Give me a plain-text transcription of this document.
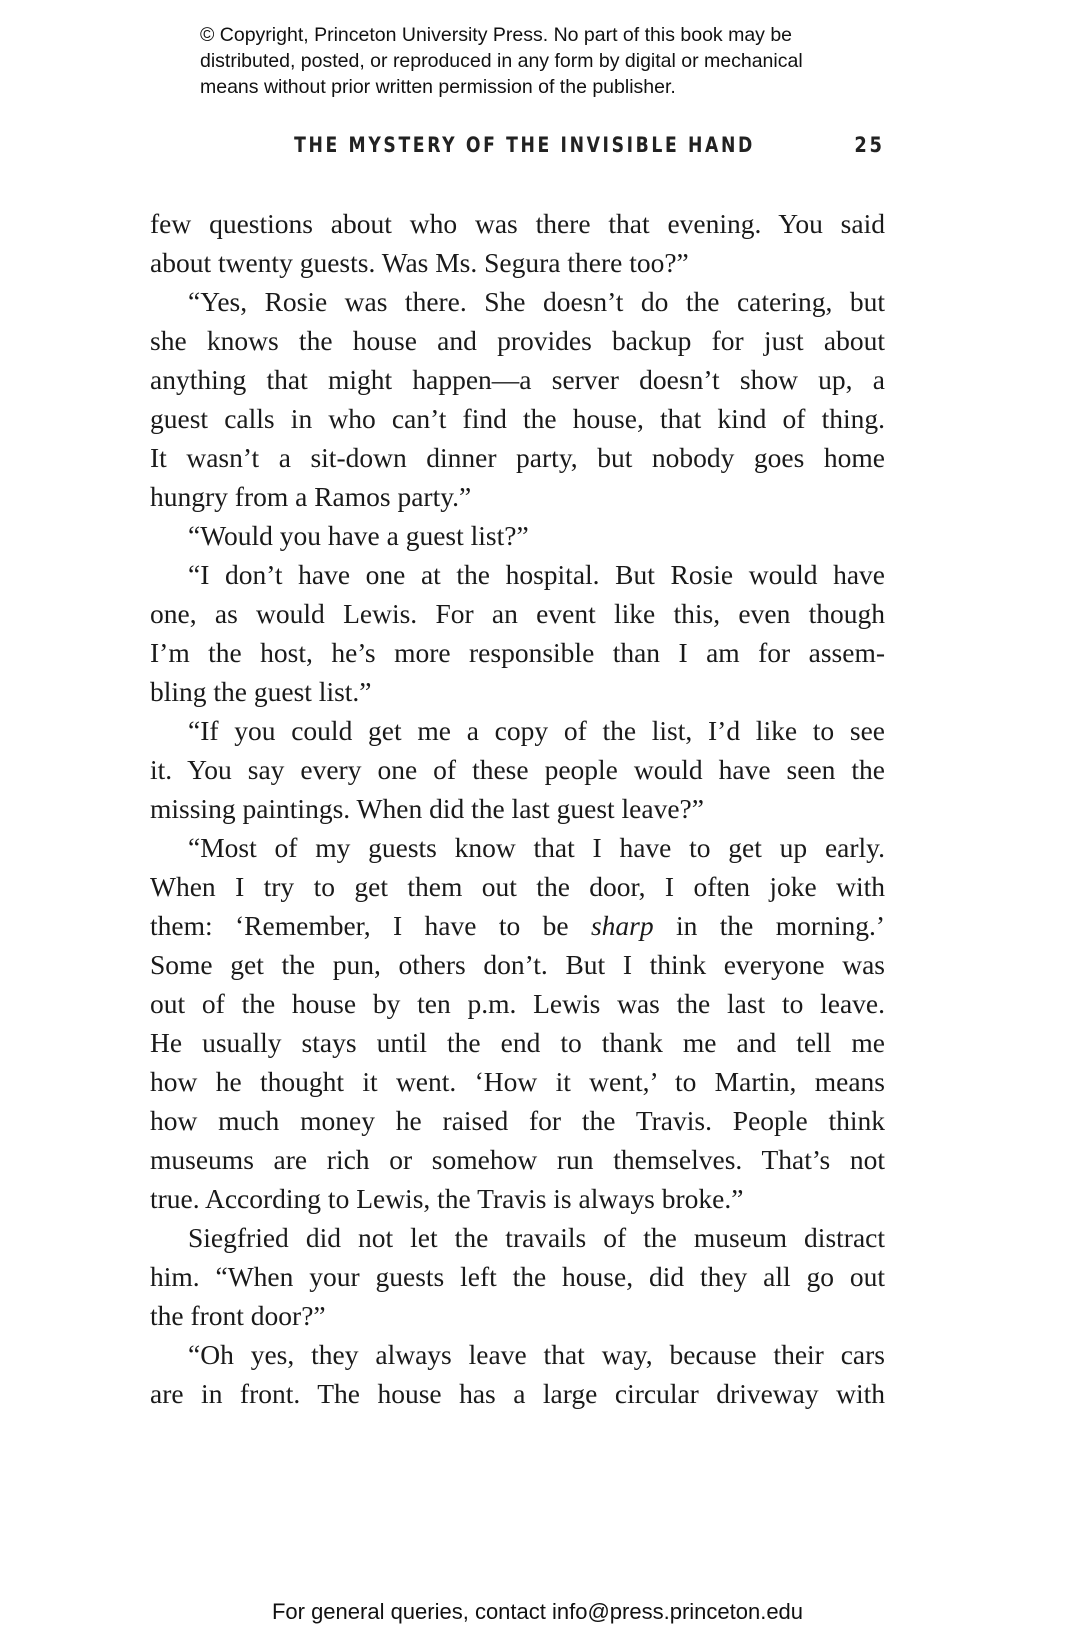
© Copyright, Princeton University Press. No part of this book may be
distributed, posted, or reproduced in any form by digital or mechanical
means without prior written permission of the publisher.
THE MYSTERY OF THE INVISIBLE HAND	25
few questions about who was there that evening. You said
about twenty guests. Was Ms. Segura there too?”
“Yes, Rosie was there. She doesn’t do the catering, but
she knows the house and provides backup for just about
anything that might happen—a server doesn’t show up, a
guest calls in who can’t find the house, that kind of thing.
It wasn’t a sit-down dinner party, but nobody goes home
hungry from a Ramos party.”
“Would you have a guest list?”
“I don’t have one at the hospital. But Rosie would have
one, as would Lewis. For an event like this, even though
I’m the host, he’s more responsible than I am for assem-
bling the guest list.”
“If you could get me a copy of the list, I’d like to see
it. You say every one of these people would have seen the
missing paintings. When did the last guest leave?”
“Most of my guests know that I have to get up early.
When I try to get them out the door, I often joke with
them: ‘Remember, I have to be sharp in the morning.’
Some get the pun, others don’t. But I think everyone was
out of the house by ten p.m. Lewis was the last to leave.
He usually stays until the end to thank me and tell me
how he thought it went. ‘How it went,’ to Martin, means
how much money he raised for the Travis. People think
museums are rich or somehow run themselves. That’s not
true. According to Lewis, the Travis is always broke.”
Siegfried did not let the travails of the museum distract
him. “When your guests left the house, did they all go out
the front door?”
“Oh yes, they always leave that way, because their cars
are in front. The house has a large circular driveway with
For general queries, contact info@press.princeton.edu
